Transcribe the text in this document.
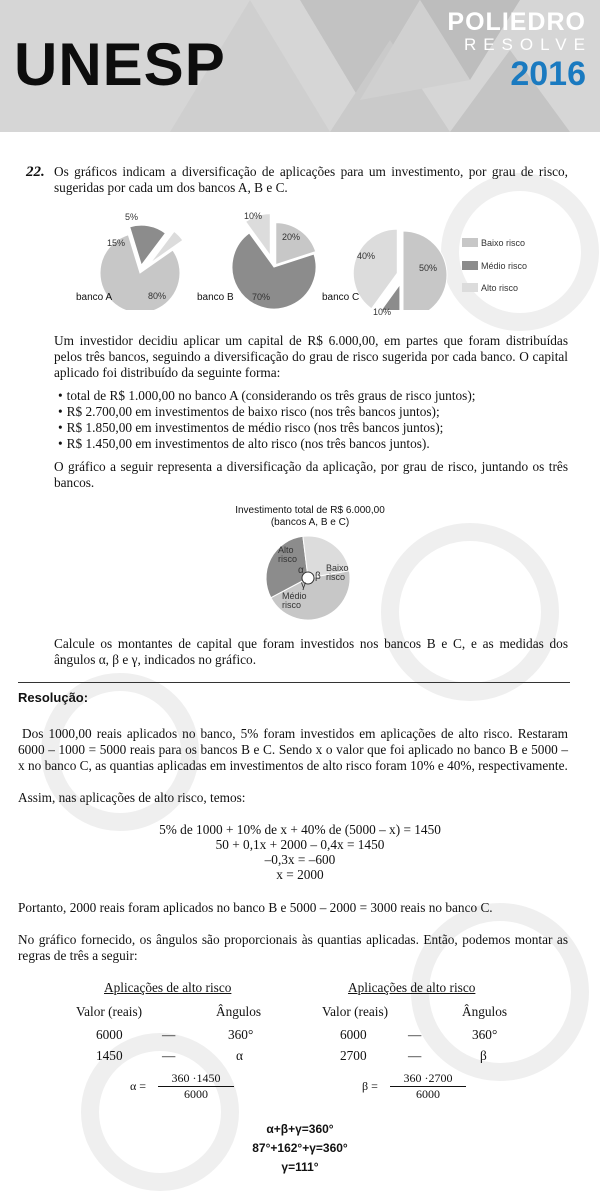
UNESP
POLIEDRO
RESOLVE
2016
22. Os gráficos indicam a diversificação de aplicações para um investimento, por grau de risco, sugeridas por cada um dos bancos A, B e C.
banco A	banco B	banco C
80%
15%
5%
20%
70%
10%
50%
10%
40%
Baixo risco
Médio risco
Alto risco
Um investidor decidiu aplicar um capital de R$ 6.000,00, em partes que foram distribuídas pelos três bancos, seguindo a diversificação do grau de risco sugerida por cada banco. O capital aplicado foi distribuído da seguinte forma:
• total de R$ 1.000,00 no banco A (considerando os três graus de risco juntos);
• R$ 2.700,00 em investimentos de baixo risco (nos três bancos juntos);
• R$ 1.850,00 em investimentos de médio risco (nos três bancos juntos);
• R$ 1.450,00 em investimentos de alto risco (nos três bancos juntos).
O gráfico a seguir representa a diversificação da aplicação, por grau de risco, juntando os três bancos.
Investimento total de R$ 6.000,00
(bancos A, B e C)
Alto
risco
Baixo
risco
Médio
risco
α
β
γ
Calcule os montantes de capital que foram investidos nos bancos B e C, e as medidas dos ângulos α, β e γ, indicados no gráfico.
Resolução:
Dos 1000,00 reais aplicados no banco, 5% foram investidos em aplicações de alto risco. Restaram 6000 – 1000 = 5000 reais para os bancos B e C. Sendo x o valor que foi aplicado no banco B e 5000 – x no banco C, as quantias aplicadas em investimentos de alto risco foram 10% e 40%, respectivamente.
Assim, nas aplicações de alto risco, temos:
5% de 1000 + 10% de x + 40% de (5000 – x) = 1450
50 + 0,1x + 2000 – 0,4x = 1450
–0,3x = –600
x = 2000
Portanto, 2000 reais foram aplicados no banco B e 5000 – 2000 = 3000 reais no banco C.
No gráfico fornecido, os ângulos são proporcionais às quantias aplicadas. Então, podemos montar as regras de três a seguir:
Aplicações de alto risco
Valor (reais)	Ângulos
6000	—	360°
1450	—	α
$\alpha = \frac{360 \cdot 1450}{6000}$
Aplicações de alto risco
Valor (reais)	Ângulos
6000	—	360°
2700	—	β
$\beta = \frac{360 \cdot 2700}{6000}$
α+β+γ=360°
87°+162°+γ=360°
γ=111°
